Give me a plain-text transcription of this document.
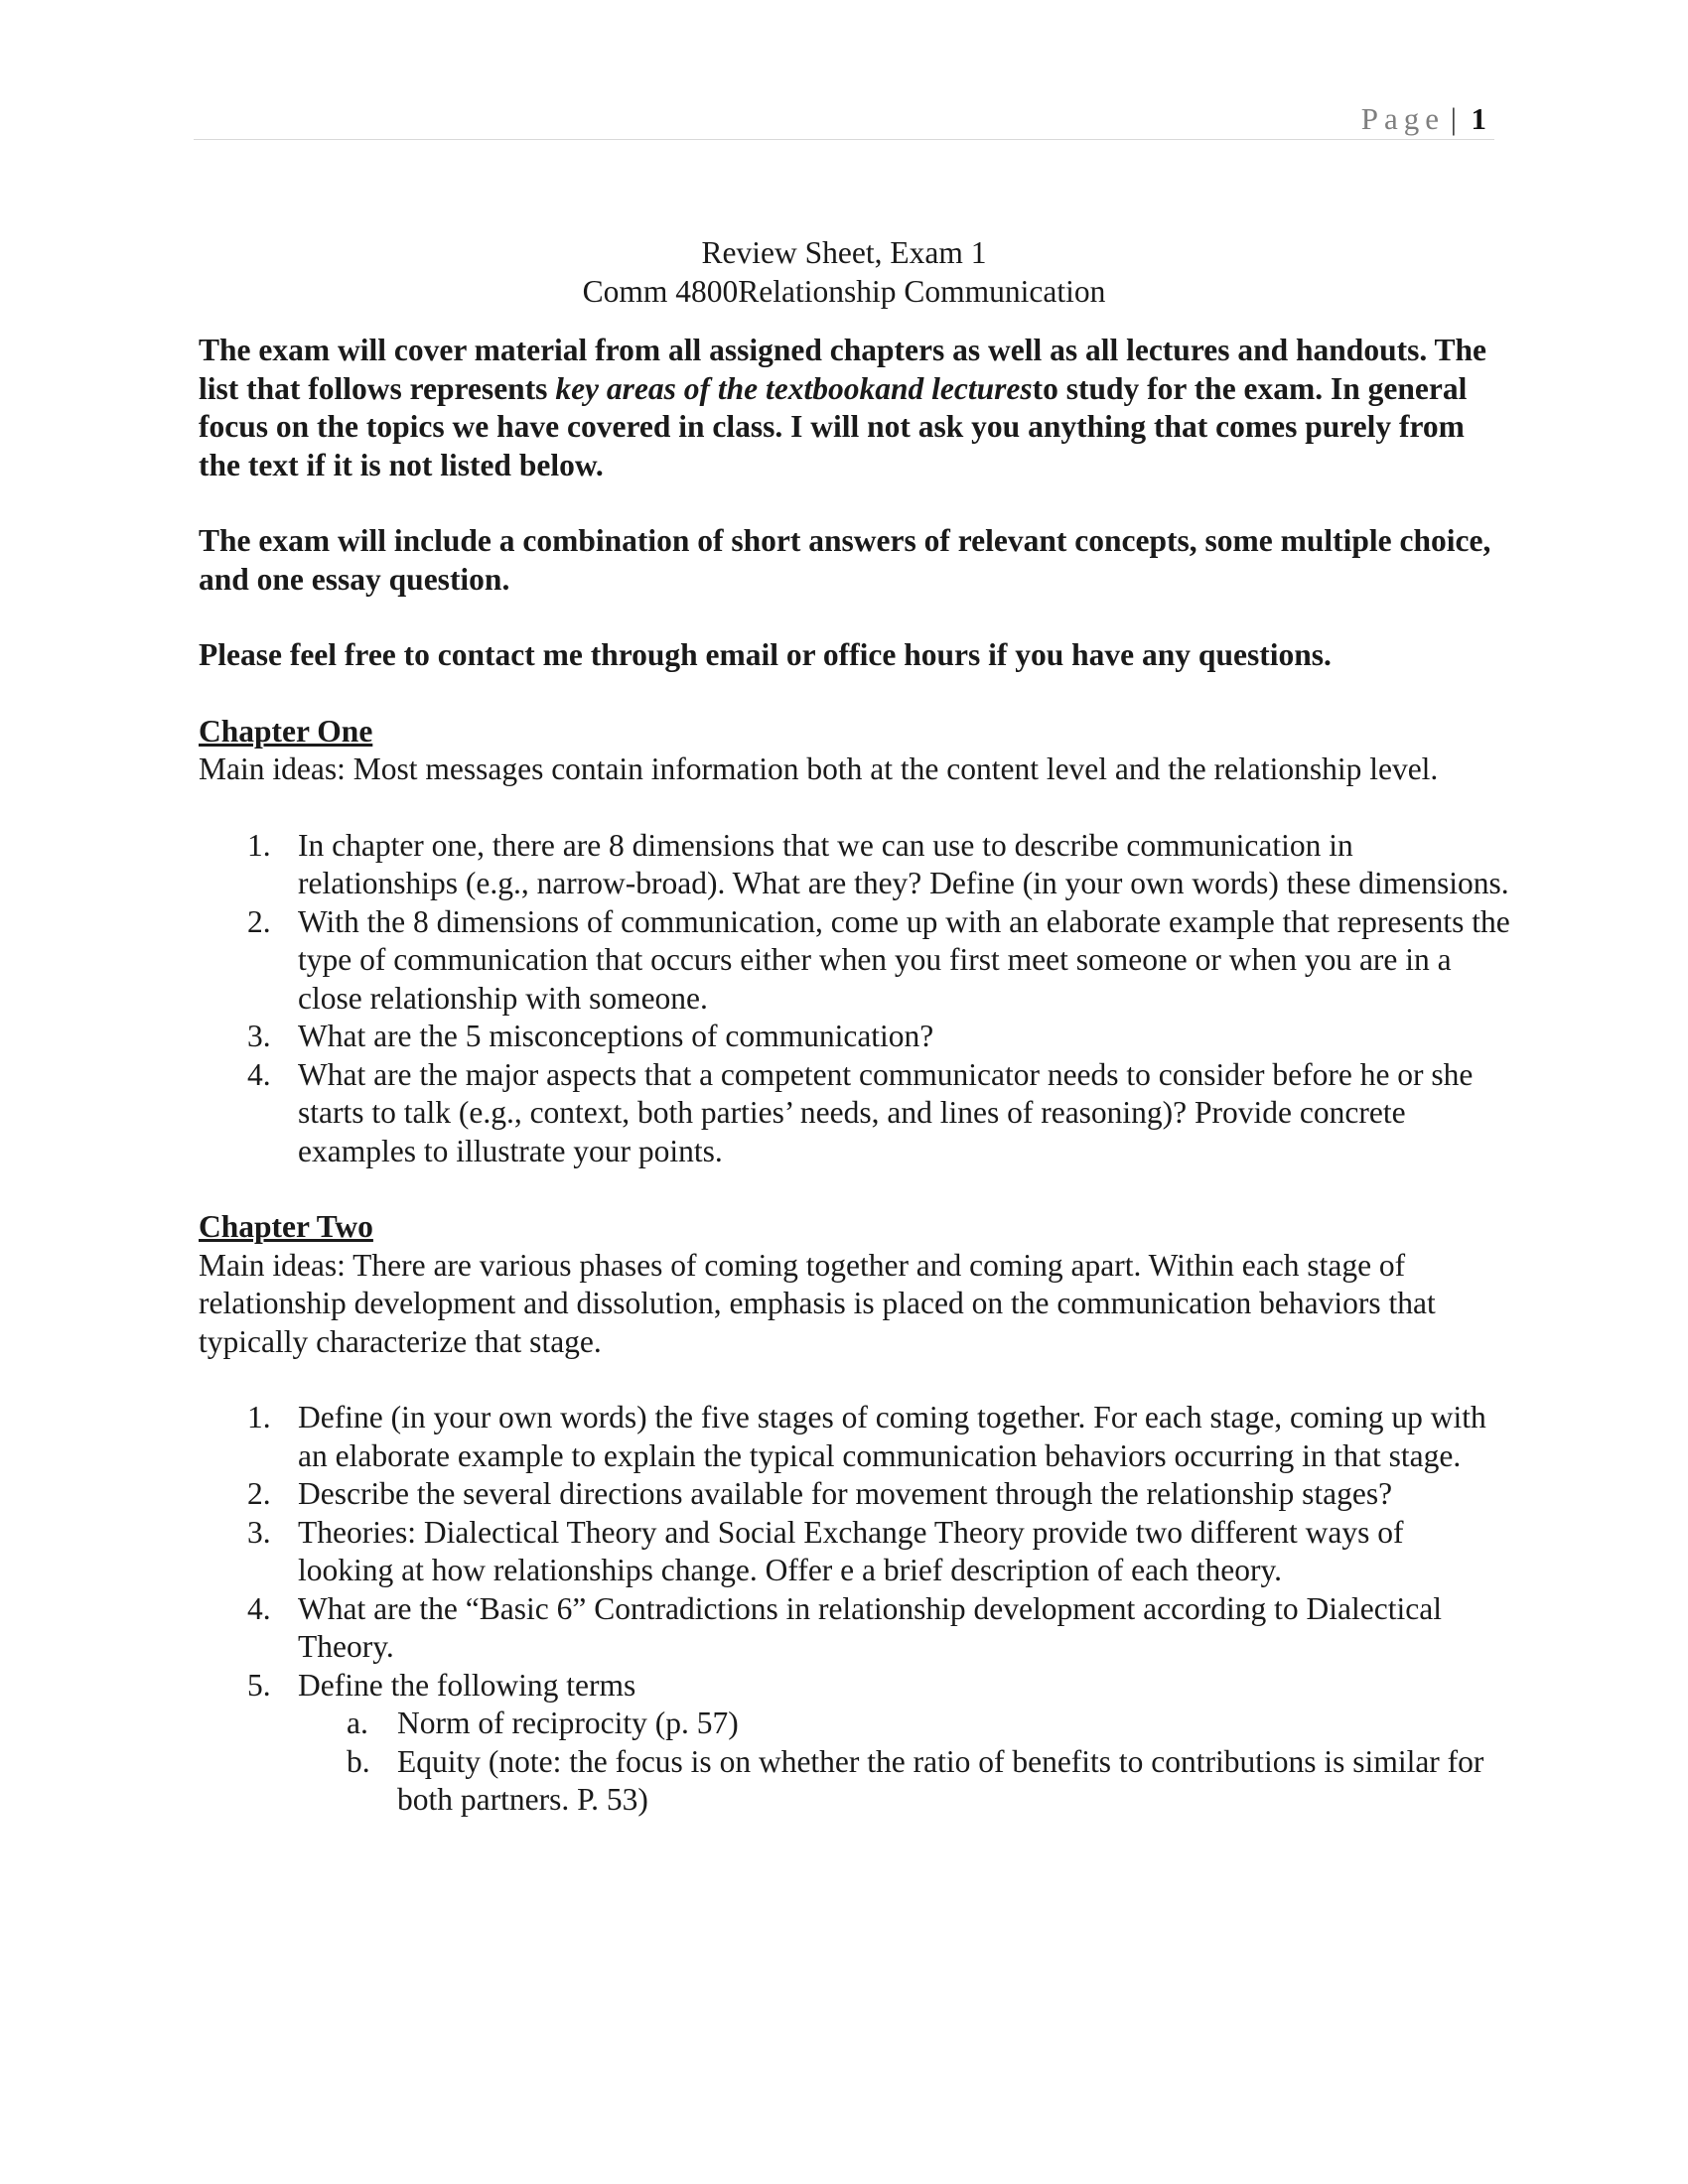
Page | 1
Review Sheet, Exam 1
Comm 4800Relationship Communication
The exam will cover material from all assigned chapters as well as all lectures and handouts. The list that follows represents key areas of the textbookand lecturesto study for the exam. In general focus on the topics we have covered in class. I will not ask you anything that comes purely from the text if it is not listed below.
The exam will include a combination of short answers of relevant concepts, some multiple choice, and one essay question.
Please feel free to contact me through email or office hours if you have any questions.
Chapter One
Main ideas: Most messages contain information both at the content level and the relationship level.
1. In chapter one, there are 8 dimensions that we can use to describe communication in relationships (e.g., narrow-broad). What are they? Define (in your own words) these dimensions.
2. With the 8 dimensions of communication, come up with an elaborate example that represents the type of communication that occurs either when you first meet someone or when you are in a close relationship with someone.
3. What are the 5 misconceptions of communication?
4. What are the major aspects that a competent communicator needs to consider before he or she starts to talk (e.g., context, both parties’ needs, and lines of reasoning)? Provide concrete examples to illustrate your points.
Chapter Two
Main ideas: There are various phases of coming together and coming apart. Within each stage of relationship development and dissolution, emphasis is placed on the communication behaviors that typically characterize that stage.
1. Define (in your own words) the five stages of coming together. For each stage, coming up with an elaborate example to explain the typical communication behaviors occurring in that stage.
2. Describe the several directions available for movement through the relationship stages?
3. Theories: Dialectical Theory and Social Exchange Theory provide two different ways of looking at how relationships change. Offer e a brief description of each theory.
4. What are the “Basic 6” Contradictions in relationship development according to Dialectical Theory.
5. Define the following terms
a. Norm of reciprocity (p. 57)
b. Equity (note: the focus is on whether the ratio of benefits to contributions is similar for both partners. P. 53)
